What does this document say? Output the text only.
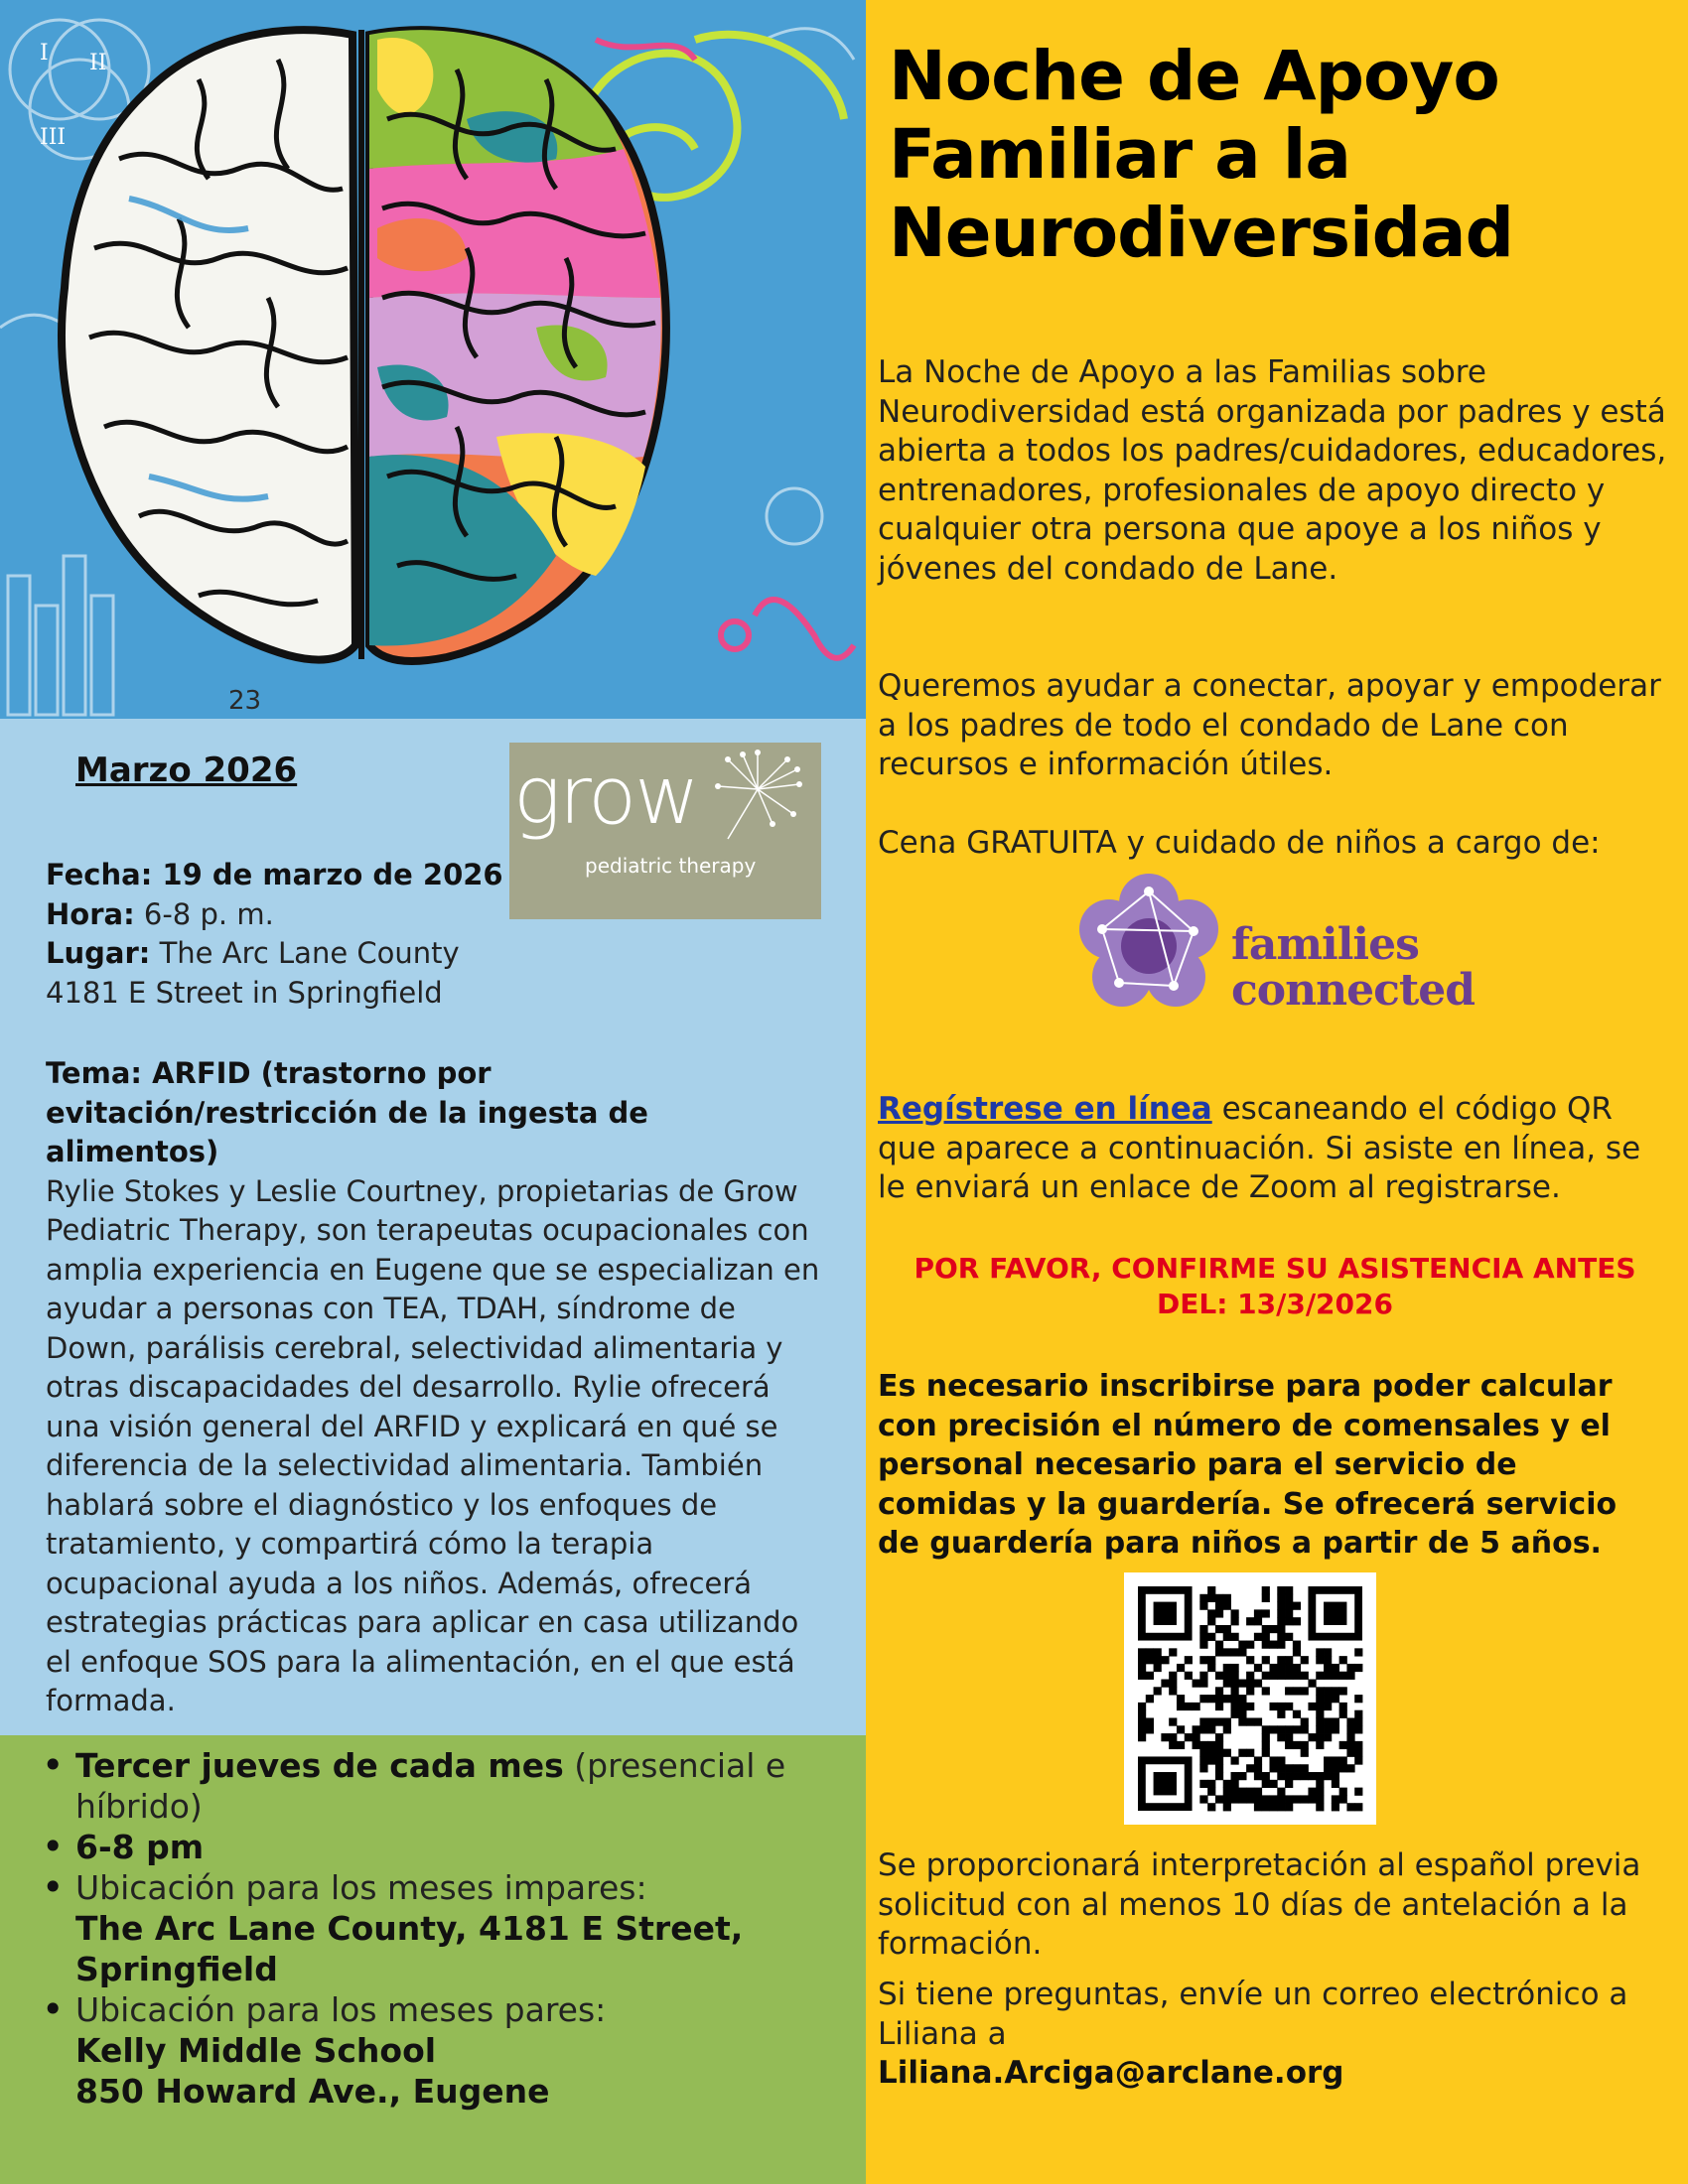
I II
III
23
Noche de Apoyo Familiar a la Neurodiversidad

La Noche de Apoyo a las Familias sobre Neurodiversidad está organizada por padres y está abierta a todos los padres/cuidadores, educadores, entrenadores, profesionales de apoyo directo y cualquier otra persona que apoye a los niños y jóvenes del condado de Lane.

Queremos ayudar a conectar, apoyar y empoderar a los padres de todo el condado de Lane con recursos e información útiles.

Cena GRATUITA y cuidado de niños a cargo de:

families
connected

Regístrese en línea escaneando el código QR que aparece a continuación. Si asiste en línea, se le enviará un enlace de Zoom al registrarse.

POR FAVOR, CONFIRME SU ASISTENCIA ANTES
DEL: 13/3/2026

Es necesario inscribirse para poder calcular con precisión el número de comensales y el personal necesario para el servicio de comidas y la guardería. Se ofrecerá servicio de guardería para niños a partir de 5 años.

Se proporcionará interpretación al español previa solicitud con al menos 10 días de antelación a la formación.

Si tiene preguntas, envíe un correo electrónico a Liliana a
Liliana.Arciga@arclane.org

Marzo 2026	grow
pediatric therapy

Fecha: 19 de marzo de 2026
Hora: 6-8 p. m.
Lugar: The Arc Lane County
4181 E Street in Springfield

Tema: ARFID (trastorno por evitación/restricción de la ingesta de alimentos)
Rylie Stokes y Leslie Courtney, propietarias de Grow Pediatric Therapy, son terapeutas ocupacionales con amplia experiencia en Eugene que se especializan en ayudar a personas con TEA, TDAH, síndrome de Down, parálisis cerebral, selectividad alimentaria y otras discapacidades del desarrollo. Rylie ofrecerá una visión general del ARFID y explicará en qué se diferencia de la selectividad alimentaria. También hablará sobre el diagnóstico y los enfoques de tratamiento, y compartirá cómo la terapia ocupacional ayuda a los niños. Además, ofrecerá estrategias prácticas para aplicar en casa utilizando el enfoque SOS para la alimentación, en el que está formada.

• Tercer jueves de cada mes (presencial e híbrido)
• 6-8 pm
• Ubicación para los meses impares:
The Arc Lane County, 4181 E Street, Springfield
• Ubicación para los meses pares:
Kelly Middle School
850 Howard Ave., Eugene
